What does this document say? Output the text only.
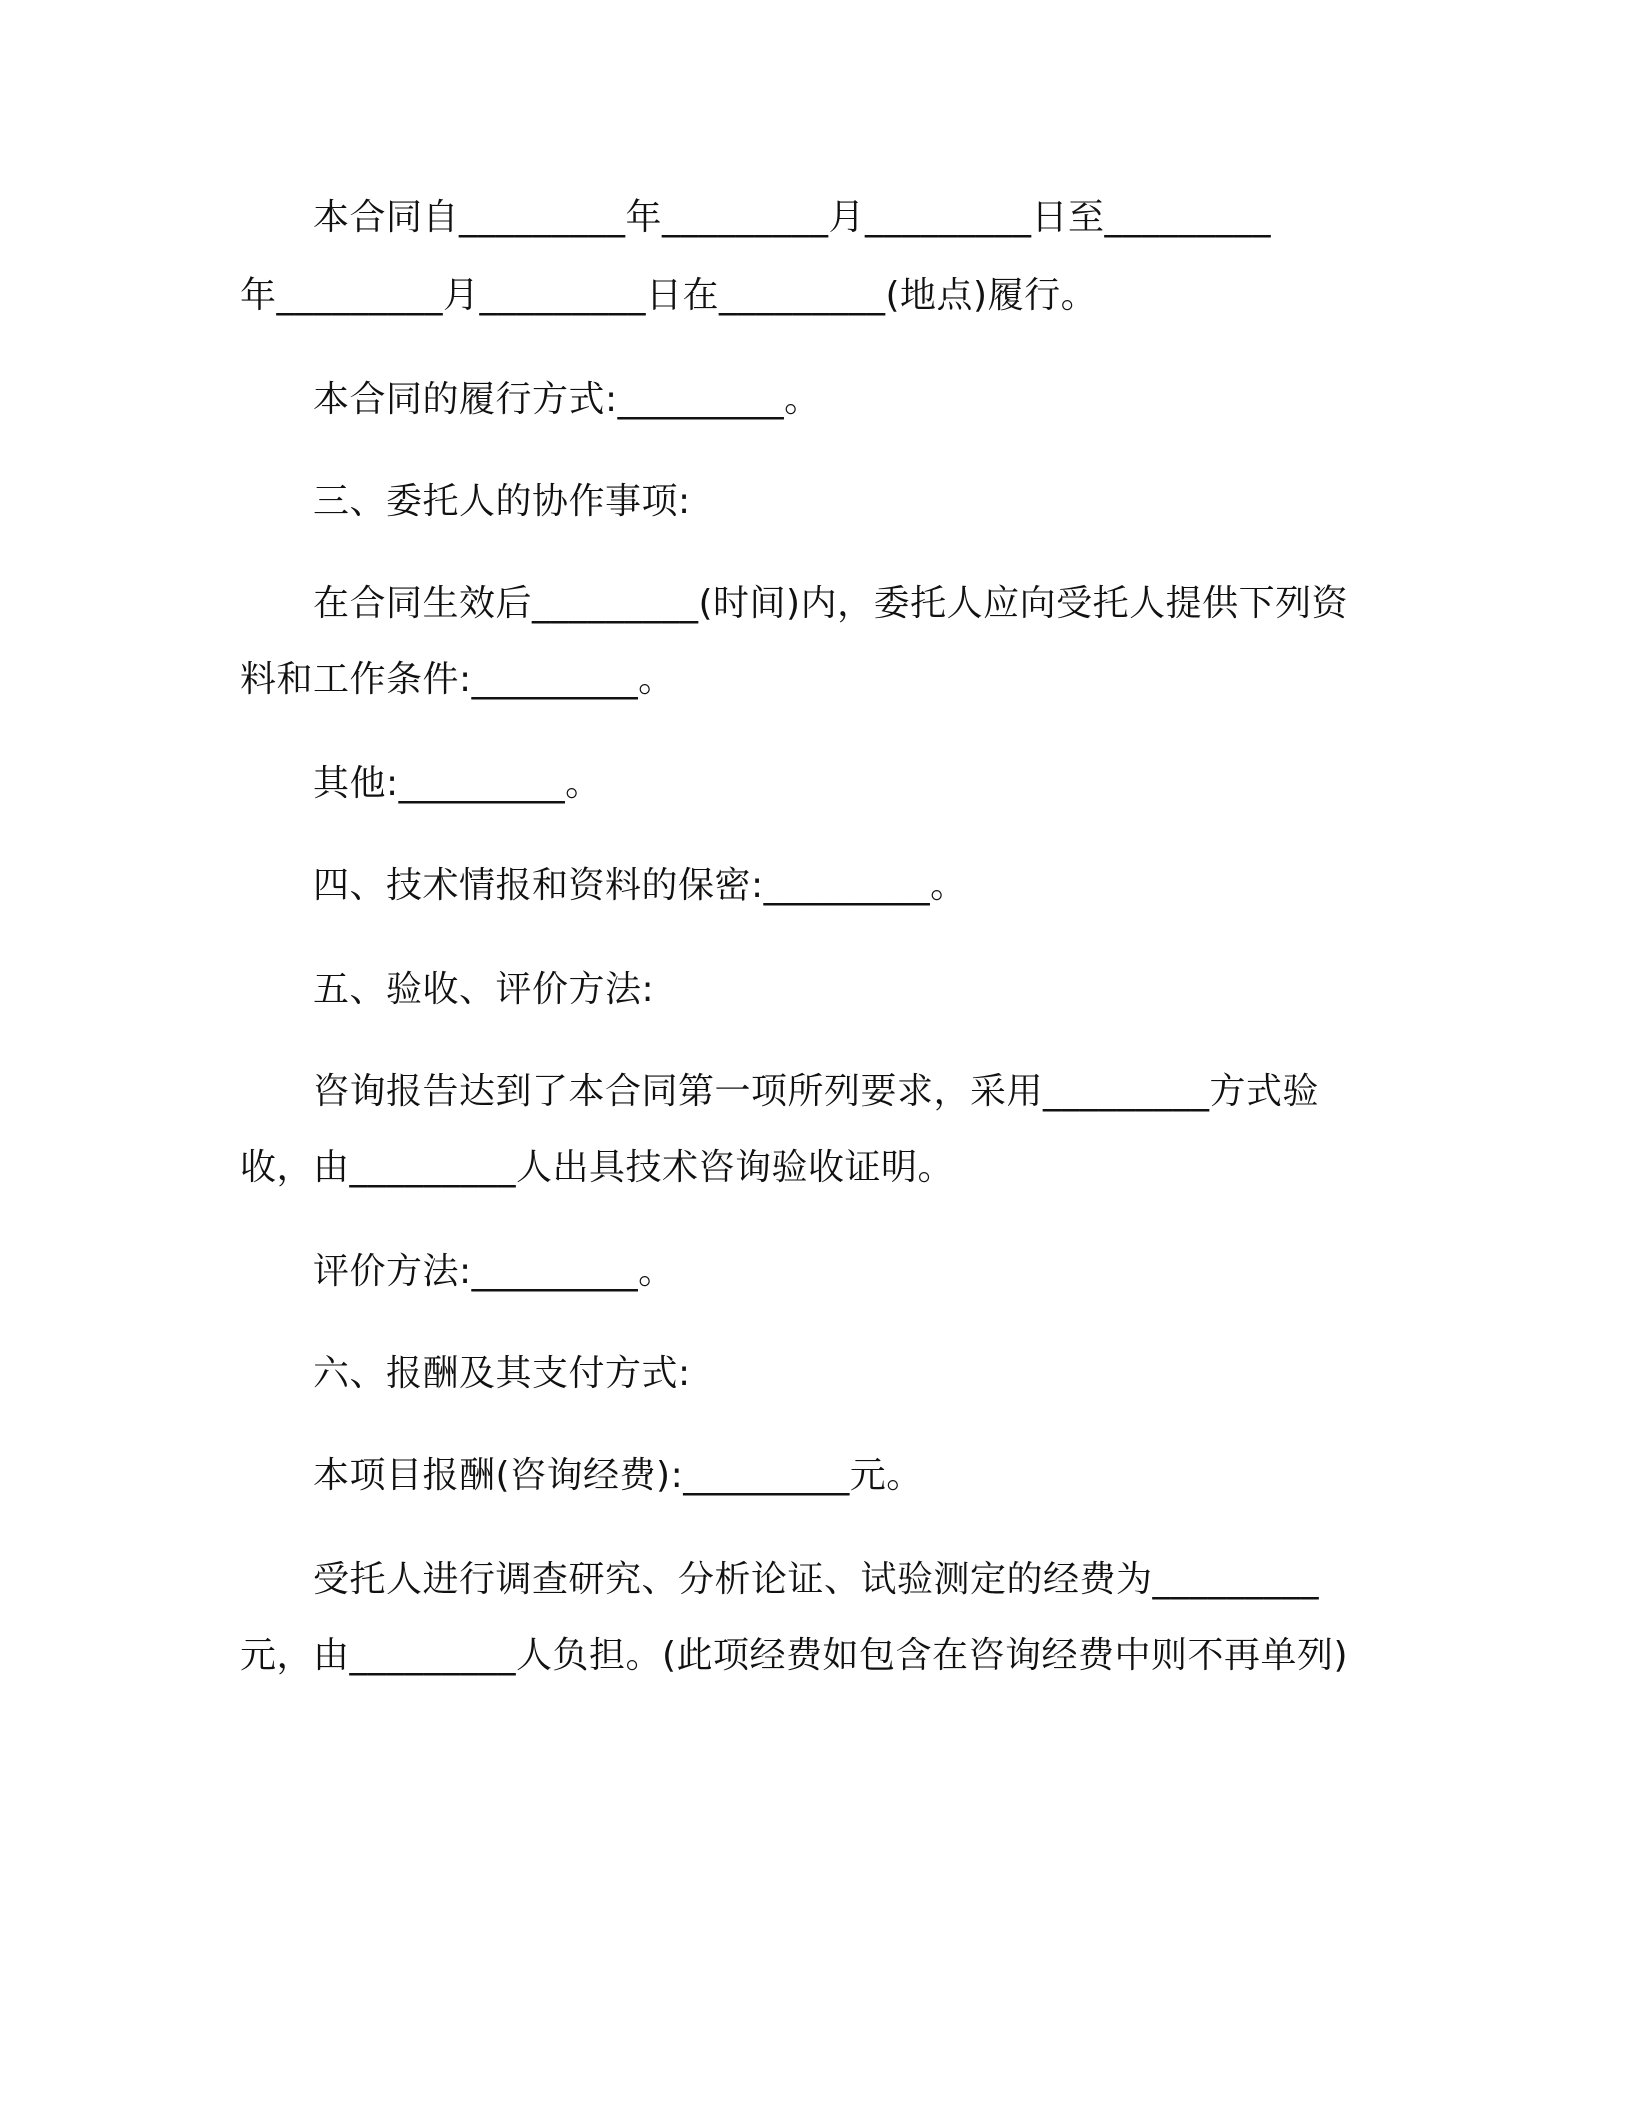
本合同自_________年_________月_________日至_________
年_________月_________日在_________(地点)履行。
本合同的履行方式:_________。
三、委托人的协作事项:
在合同生效后_________(时间)内，委托人应向受托人提供下列资
料和工作条件:_________。
其他:_________。
四、技术情报和资料的保密:_________。
五、验收、评价方法:
咨询报告达到了本合同第一项所列要求，采用_________方式验
收，由_________人出具技术咨询验收证明。
评价方法:_________。
六、报酬及其支付方式:
本项目报酬(咨询经费):_________元。
受托人进行调查研究、分析论证、试验测定的经费为_________
元，由_________人负担。(此项经费如包含在咨询经费中则不再单列)
